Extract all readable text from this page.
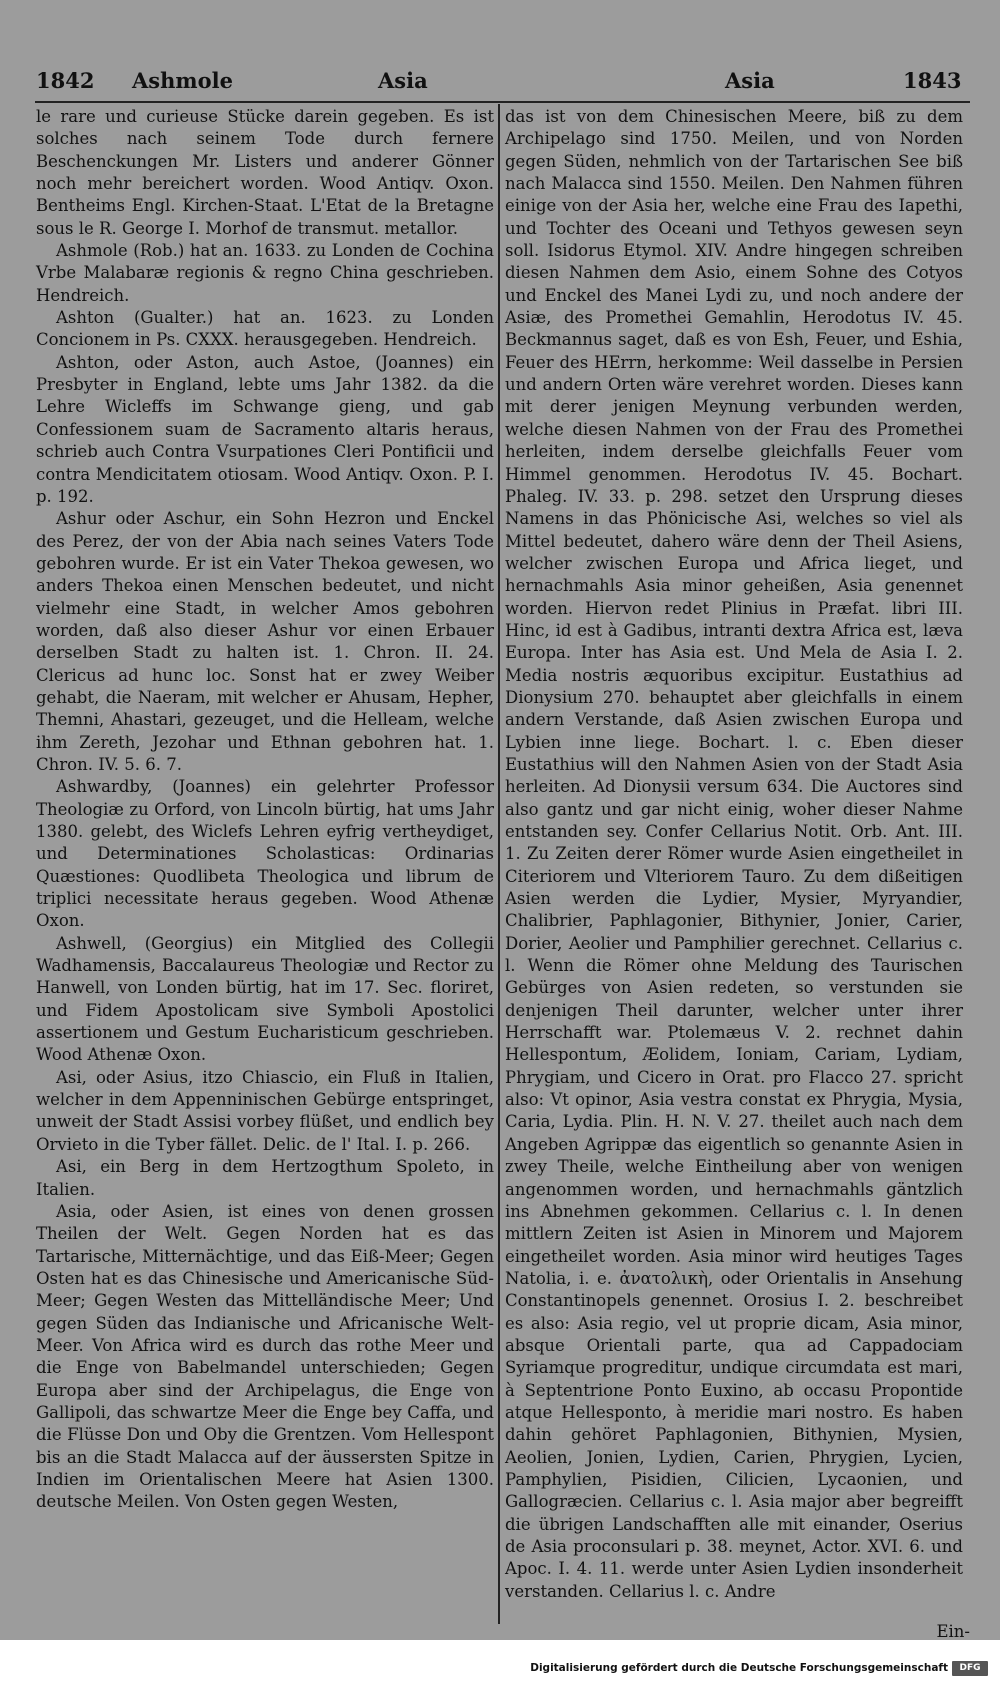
1842 Ashmole	Asia	Asia	1843

le rare und curieuse Stücke darein gegeben. Es ist solches nach seinem Tode durch fernere Beschenckungen Mr. Listers und anderer Gönner noch mehr bereichert worden. Wood Antiqv. Oxon. Bentheims Engl. Kirchen-Staat. L'Etat de la Bretagne sous le R. George I. Morhof de transmut. metallor.

Ashmole (Rob.) hat an. 1633. zu Londen de Cochina Vrbe Malabaræ regionis & regno China geschrieben. Hendreich.

Ashton (Gualter.) hat an. 1623. zu Londen Concionem in Ps. CXXX. herausgegeben. Hendreich.

Ashton, oder Aston, auch Astoe, (Joannes) ein Presbyter in England, lebte ums Jahr 1382. da die Lehre Wicleffs im Schwange gieng, und gab Confessionem suam de Sacramento altaris heraus, schrieb auch Contra Vsurpationes Cleri Pontificii und contra Mendicitatem otiosam. Wood Antiqv. Oxon. P. I. p. 192.

Ashur oder Aschur, ein Sohn Hezron und Enckel des Perez, der von der Abia nach seines Vaters Tode gebohren wurde. Er ist ein Vater Thekoa gewesen, wo anders Thekoa einen Menschen bedeutet, und nicht vielmehr eine Stadt, in welcher Amos gebohren worden, daß also dieser Ashur vor einen Erbauer derselben Stadt zu halten ist. 1. Chron. II. 24. Clericus ad hunc loc. Sonst hat er zwey Weiber gehabt, die Naeram, mit welcher er Ahusam, Hepher, Themni, Ahastari, gezeuget, und die Helleam, welche ihm Zereth, Jezohar und Ethnan gebohren hat. 1. Chron. IV. 5. 6. 7.

Ashwardby, (Joannes) ein gelehrter Professor Theologiæ zu Orford, von Lincoln bürtig, hat ums Jahr 1380. gelebt, des Wiclefs Lehren eyfrig vertheydiget, und Determinationes Scholasticas: Ordinarias Quæstiones: Quodlibeta Theologica und librum de triplici necessitate heraus gegeben. Wood Athenæ Oxon.

Ashwell, (Georgius) ein Mitglied des Collegii Wadhamensis, Baccalaureus Theologiæ und Rector zu Hanwell, von Londen bürtig, hat im 17. Sec. floriret, und Fidem Apostolicam sive Symboli Apostolici assertionem und Gestum Eucharisticum geschrieben. Wood Athenæ Oxon.

Asi, oder Asius, itzo Chiascio, ein Fluß in Italien, welcher in dem Appenninischen Gebürge entspringet, unweit der Stadt Assisi vorbey flüßet, und endlich bey Orvieto in die Tyber fället. Delic. de l' Ital. I. p. 266.

Asi, ein Berg in dem Hertzogthum Spoleto, in Italien.

Asia, oder Asien, ist eines von denen grossen Theilen der Welt. Gegen Norden hat es das Tartarische, Mitternächtige, und das Eiß-Meer; Gegen Osten hat es das Chinesische und Americanische Süd-Meer; Gegen Westen das Mittelländische Meer; Und gegen Süden das Indianische und Africanische Welt-Meer. Von Africa wird es durch das rothe Meer und die Enge von Babelmandel unterschieden; Gegen Europa aber sind der Archipelagus, die Enge von Gallipoli, das schwartze Meer die Enge bey Caffa, und die Flüsse Don und Oby die Grentzen. Vom Hellespont bis an die Stadt Malacca auf der äussersten Spitze in Indien im Orientalischen Meere hat Asien 1300. deutsche Meilen. Von Osten gegen Westen,

das ist von dem Chinesischen Meere, biß zu dem Archipelago sind 1750. Meilen, und von Norden gegen Süden, nehmlich von der Tartarischen See biß nach Malacca sind 1550. Meilen. Den Nahmen führen einige von der Asia her, welche eine Frau des Iapethi, und Tochter des Oceani und Tethyos gewesen seyn soll. Isidorus Etymol. XIV. Andre hingegen schreiben diesen Nahmen dem Asio, einem Sohne des Cotyos und Enckel des Manei Lydi zu, und noch andere der Asiæ, des Promethei Gemahlin, Herodotus IV. 45. Beckmannus saget, daß es von Esh, Feuer, und Eshia, Feuer des HErrn, herkomme: Weil dasselbe in Persien und andern Orten wäre verehret worden. Dieses kann mit derer jenigen Meynung verbunden werden, welche diesen Nahmen von der Frau des Promethei herleiten, indem derselbe gleichfalls Feuer vom Himmel genommen. Herodotus IV. 45. Bochart. Phaleg. IV. 33. p. 298. setzet den Ursprung dieses Namens in das Phönicische Asi, welches so viel als Mittel bedeutet, dahero wäre denn der Theil Asiens, welcher zwischen Europa und Africa lieget, und hernachmahls Asia minor geheißen, Asia genennet worden. Hiervon redet Plinius in Præfat. libri III. Hinc, id est à Gadibus, intranti dextra Africa est, læva Europa. Inter has Asia est. Und Mela de Asia I. 2. Media nostris æquoribus excipitur. Eustathius ad Dionysium 270. behauptet aber gleichfalls in einem andern Verstande, daß Asien zwischen Europa und Lybien inne liege. Bochart. l. c. Eben dieser Eustathius will den Nahmen Asien von der Stadt Asia herleiten. Ad Dionysii versum 634. Die Auctores sind also gantz und gar nicht einig, woher dieser Nahme entstanden sey. Confer Cellarius Notit. Orb. Ant. III. 1. Zu Zeiten derer Römer wurde Asien eingetheilet in Citeriorem und Vlteriorem Tauro. Zu dem dißeitigen Asien werden die Lydier, Mysier, Myryandier, Chalibrier, Paphlagonier, Bithynier, Jonier, Carier, Dorier, Aeolier und Pamphilier gerechnet. Cellarius c. l. Wenn die Römer ohne Meldung des Taurischen Gebürges von Asien redeten, so verstunden sie denjenigen Theil darunter, welcher unter ihrer Herrschafft war. Ptolemæus V. 2. rechnet dahin Hellespontum, Æolidem, Ioniam, Cariam, Lydiam, Phrygiam, und Cicero in Orat. pro Flacco 27. spricht also: Vt opinor, Asia vestra constat ex Phrygia, Mysia, Caria, Lydia. Plin. H. N. V. 27. theilet auch nach dem Angeben Agrippæ das eigentlich so genannte Asien in zwey Theile, welche Eintheilung aber von wenigen angenommen worden, und hernachmahls gäntzlich ins Abnehmen gekommen. Cellarius c. l. In denen mittlern Zeiten ist Asien in Minorem und Majorem eingetheilet worden. Asia minor wird heutiges Tages Natolia, i. e. ἀνατολικὴ, oder Orientalis in Ansehung Constantinopels genennet. Orosius I. 2. beschreibet es also: Asia regio, vel ut proprie dicam, Asia minor, absque Orientali parte, qua ad Cappadociam Syriamque progreditur, undique circumdata est mari, à Septentrione Ponto Euxino, ab occasu Propontide atque Hellesponto, à meridie mari nostro. Es haben dahin gehöret Paphlagonien, Bithynien, Mysien, Aeolien, Jonien, Lydien, Carien, Phrygien, Lycien, Pamphylien, Pisidien, Cilicien, Lycaonien, und Gallogræcien. Cellarius c. l. Asia major aber begreifft die übrigen Landschafften alle mit einander, Oserius de Asia proconsulari p. 38. meynet, Actor. XVI. 6. und Apoc. I. 4. 11. werde unter Asien Lydien insonderheit verstanden. Cellarius l. c. Andre

Ein-
Digitalisierung gefördert durch die Deutsche Forschungsgemeinschaft	DFG
